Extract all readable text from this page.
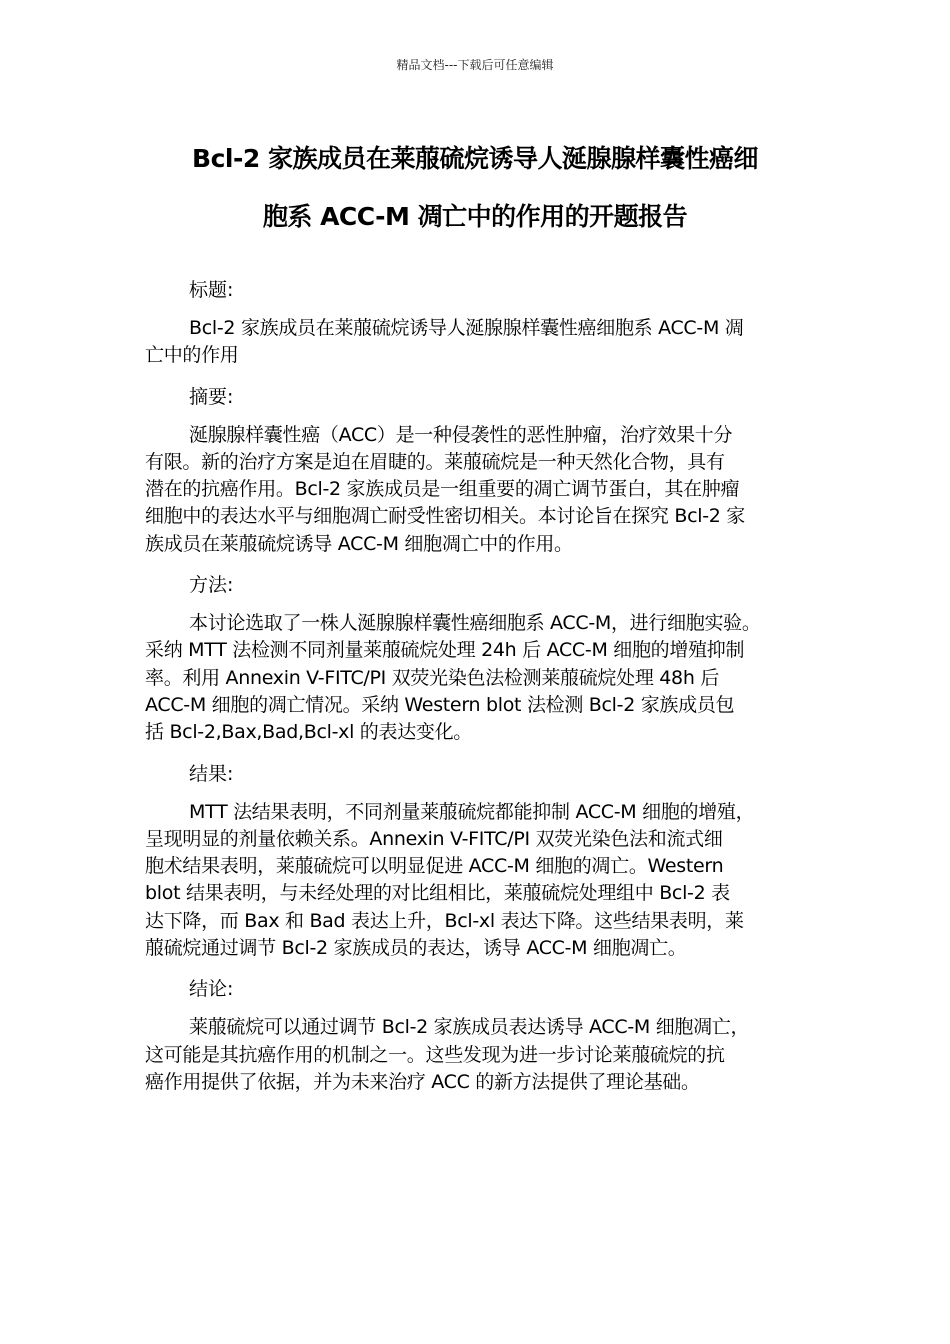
精品文档---下载后可任意编辑
Bcl-2 家族成员在莱菔硫烷诱导人涎腺腺样囊性癌细
胞系 ACC-M 凋亡中的作用的开题报告
标题:
Bcl-2 家族成员在莱菔硫烷诱导人涎腺腺样囊性癌细胞系 ACC-M 凋
亡中的作用
摘要:
涎腺腺样囊性癌（ACC）是一种侵袭性的恶性肿瘤，治疗效果十分
有限。新的治疗方案是迫在眉睫的。莱菔硫烷是一种天然化合物，具有
潜在的抗癌作用。Bcl-2 家族成员是一组重要的凋亡调节蛋白，其在肿瘤
细胞中的表达水平与细胞凋亡耐受性密切相关。本讨论旨在探究 Bcl-2 家
族成员在莱菔硫烷诱导 ACC-M 细胞凋亡中的作用。
方法:
本讨论选取了一株人涎腺腺样囊性癌细胞系 ACC-M，进行细胞实验。
采纳 MTT 法检测不同剂量莱菔硫烷处理 24h 后 ACC-M 细胞的增殖抑制
率。利用 Annexin V-FITC/PI 双荧光染色法检测莱菔硫烷处理 48h 后
ACC-M 细胞的凋亡情况。采纳 Western blot 法检测 Bcl-2 家族成员包
括 Bcl-2,Bax,Bad,Bcl-xl 的表达变化。
结果:
MTT 法结果表明，不同剂量莱菔硫烷都能抑制 ACC-M 细胞的增殖，
呈现明显的剂量依赖关系。Annexin V-FITC/PI 双荧光染色法和流式细
胞术结果表明，莱菔硫烷可以明显促进 ACC-M 细胞的凋亡。Western
blot 结果表明，与未经处理的对比组相比，莱菔硫烷处理组中 Bcl-2 表
达下降，而 Bax 和 Bad 表达上升，Bcl-xl 表达下降。这些结果表明，莱
菔硫烷通过调节 Bcl-2 家族成员的表达，诱导 ACC-M 细胞凋亡。
结论:
莱菔硫烷可以通过调节 Bcl-2 家族成员表达诱导 ACC-M 细胞凋亡，
这可能是其抗癌作用的机制之一。这些发现为进一步讨论莱菔硫烷的抗
癌作用提供了依据，并为未来治疗 ACC 的新方法提供了理论基础。
